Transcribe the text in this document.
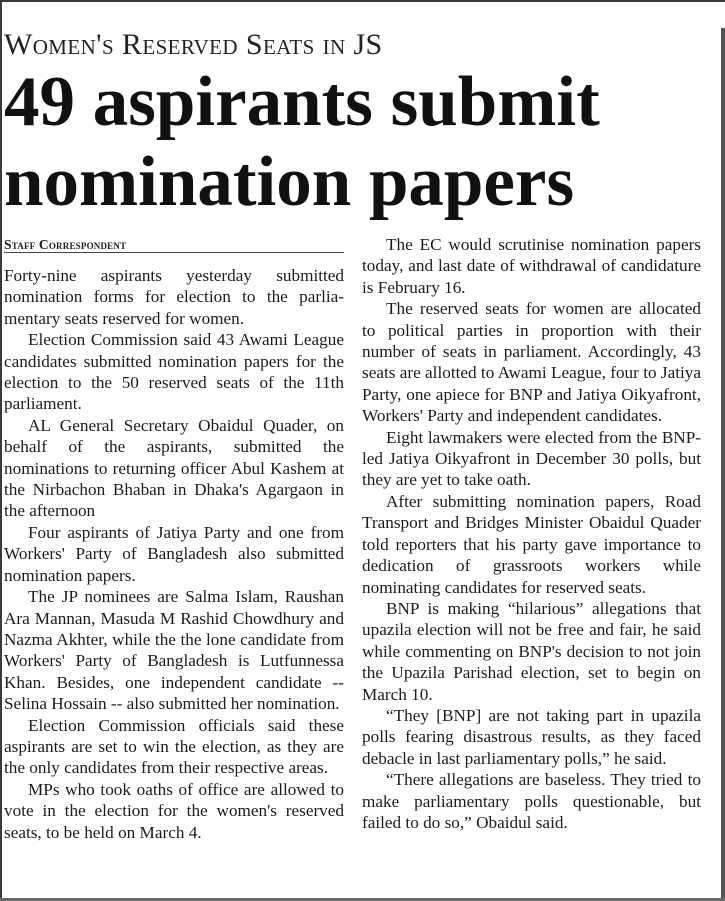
Women's Reserved Seats in JS
49 aspirants submit nomination papers
Staff Correspondent

Forty-nine aspirants yesterday submitted nomination forms for election to the parliamentary seats reserved for women.

Election Commission said 43 Awami League candidates submitted nomination papers for the election to the 50 reserved seats of the 11th parliament.

AL General Secretary Obaidul Quader, on behalf of the aspirants, submitted the nominations to returning officer Abul Kashem at the Nirbachon Bhaban in Dhaka's Agargaon in the afternoon

Four aspirants of Jatiya Party and one from Workers' Party of Bangladesh also submitted nomination papers.

The JP nominees are Salma Islam, Raushan Ara Mannan, Masuda M Rashid Chowdhury and Nazma Akhter, while the the lone candidate from Workers' Party of Bangladesh is Lutfunnessa Khan. Besides, one independent candidate -- Selina Hossain -- also submitted her nomination.

Election Commission officials said these aspirants are set to win the election, as they are the only candidates from their respective areas.

MPs who took oaths of office are allowed to vote in the election for the women's reserved seats, to be held on March 4.

The EC would scrutinise nomination papers today, and last date of withdrawal of candidature is February 16.

The reserved seats for women are allocated to political parties in proportion with their number of seats in parliament. Accordingly, 43 seats are allotted to Awami League, four to Jatiya Party, one apiece for BNP and Jatiya Oikyafront, Workers' Party and independent candidates.

Eight lawmakers were elected from the BNP-led Jatiya Oikyafront in December 30 polls, but they are yet to take oath.

After submitting nomination papers, Road Transport and Bridges Minister Obaidul Quader told reporters that his party gave importance to dedication of grassroots workers while nominating candidates for reserved seats.

BNP is making “hilarious” allegations that upazila election will not be free and fair, he said while commenting on BNP's decision to not join the Upazila Parishad election, set to begin on March 10.

“They [BNP] are not taking part in upazila polls fearing disastrous results, as they faced debacle in last parliamentary polls,” he said.

“There allegations are baseless. They tried to make parliamentary polls questionable, but failed to do so,” Obaidul said.
